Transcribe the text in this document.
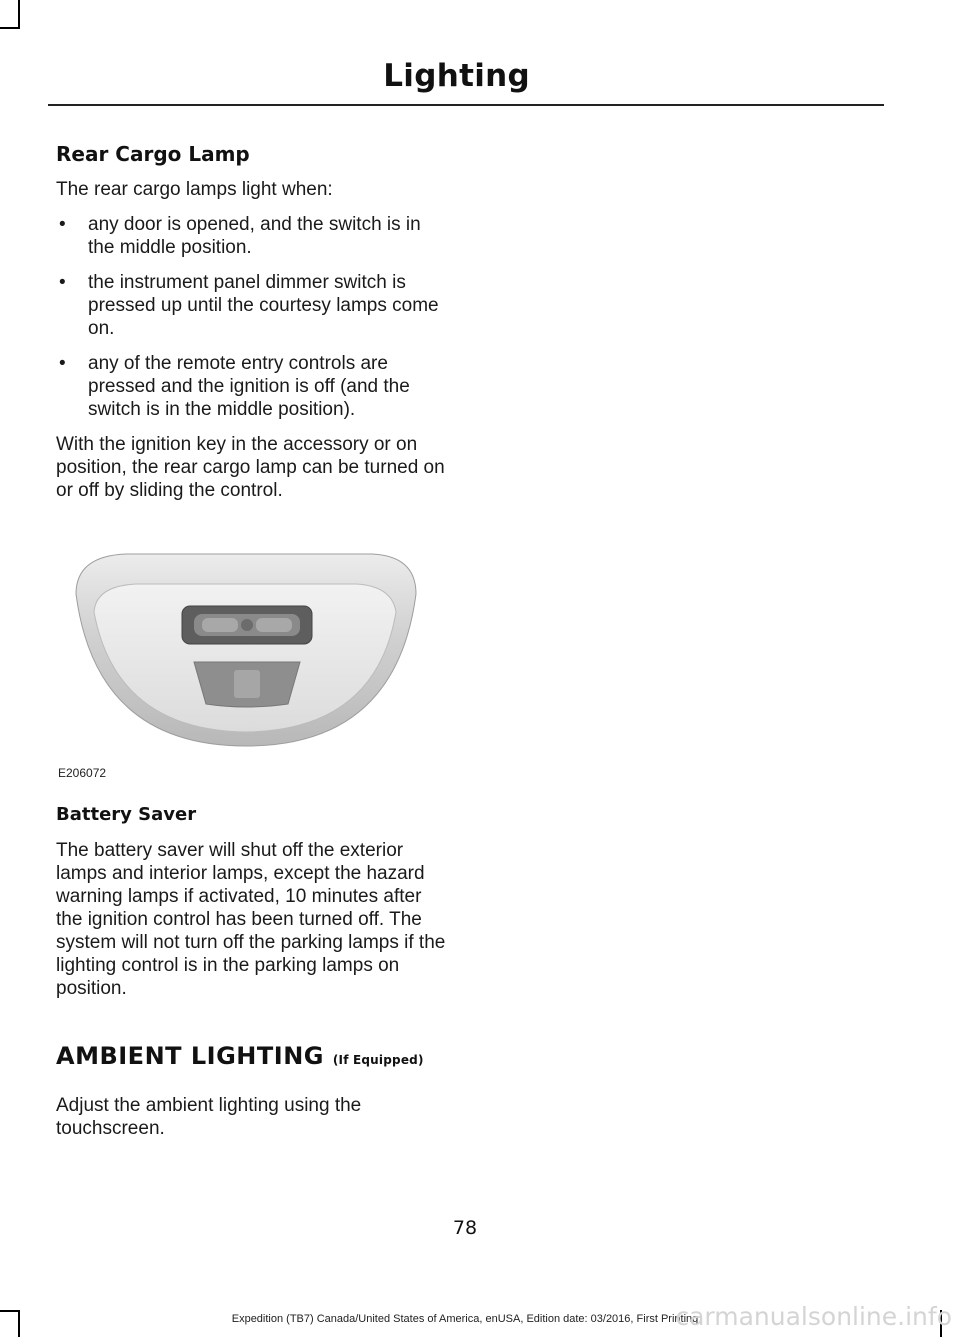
Lighting
Rear Cargo Lamp

The rear cargo lamps light when:

• any door is opened, and the switch is in the middle position.
• the instrument panel dimmer switch is pressed up until the courtesy lamps come on.
• any of the remote entry controls are pressed and the ignition is off (and the switch is in the middle position).

With the ignition key in the accessory or on position, the rear cargo lamp can be turned on or off by sliding the control.

E206072
Battery Saver

The battery saver will shut off the exterior lamps and interior lamps, except the hazard warning lamps if activated, 10 minutes after the ignition control has been turned off. The system will not turn off the parking lamps if the lighting control is in the parking lamps on position.

AMBIENT LIGHTING (If Equipped)

Adjust the ambient lighting using the touchscreen.

78
Expedition (TB7) Canada/United States of America, enUSA, Edition date: 03/2016, First Printing
carmanualsonline.info
